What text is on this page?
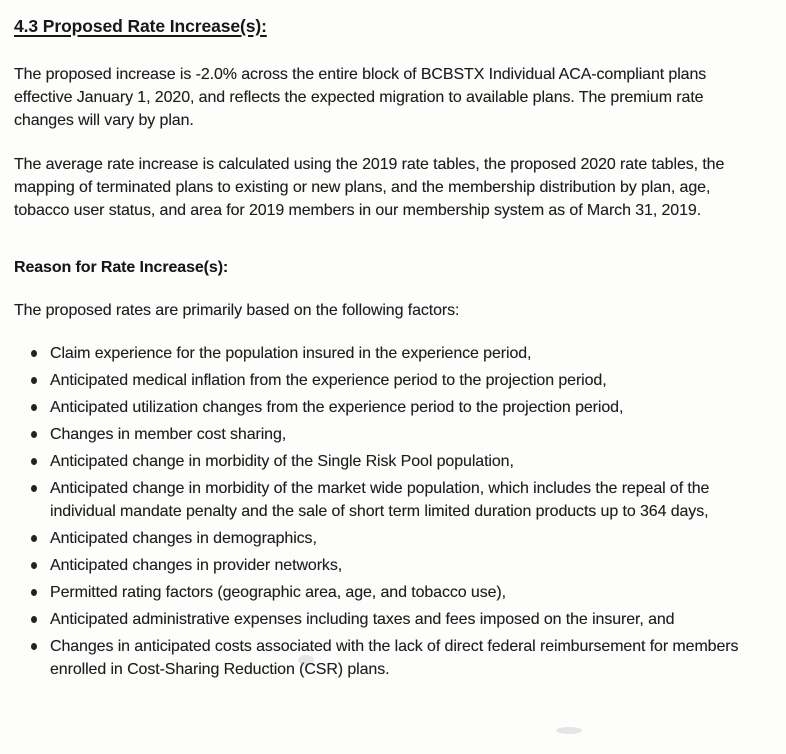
4.3 Proposed Rate Increase(s):

The proposed increase is -2.0% across the entire block of BCBSTX Individual ACA-compliant plans effective January 1, 2020, and reflects the expected migration to available plans. The premium rate changes will vary by plan.

The average rate increase is calculated using the 2019 rate tables, the proposed 2020 rate tables, the mapping of terminated plans to existing or new plans, and the membership distribution by plan, age, tobacco user status, and area for 2019 members in our membership system as of March 31, 2019.

Reason for Rate Increase(s):

The proposed rates are primarily based on the following factors:

Claim experience for the population insured in the experience period,
Anticipated medical inflation from the experience period to the projection period,
Anticipated utilization changes from the experience period to the projection period,
Changes in member cost sharing,
Anticipated change in morbidity of the Single Risk Pool population,
Anticipated change in morbidity of the market wide population, which includes the repeal of the individual mandate penalty and the sale of short term limited duration products up to 364 days,
Anticipated changes in demographics,
Anticipated changes in provider networks,
Permitted rating factors (geographic area, age, and tobacco use),
Anticipated administrative expenses including taxes and fees imposed on the insurer, and
Changes in anticipated costs associated with the lack of direct federal reimbursement for members enrolled in Cost-Sharing Reduction (CSR) plans.
